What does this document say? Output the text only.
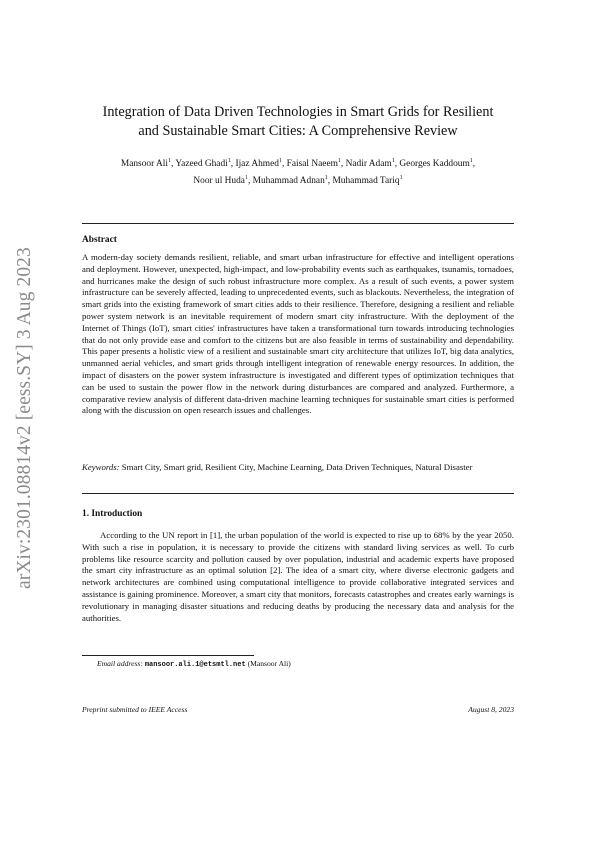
arXiv:2301.08814v2 [eess.SY] 3 Aug 2023
Integration of Data Driven Technologies in Smart Grids for Resilient
and Sustainable Smart Cities: A Comprehensive Review
Mansoor Ali$^1$, Yazeed Ghadi$^1$, Ijaz Ahmed$^1$, Faisal Naeem$^1$, Nadir Adam$^1$, Georges Kaddoum$^1$,
Noor ul Huda$^1$, Muhammad Adnan$^1$, Muhammad Tariq$^1$
Abstract
A modern-day society demands resilient, reliable, and smart urban infrastructure for effective and intelligent operations and deployment. However, unexpected, high-impact, and low-probability events such as earthquakes, tsunamis, tornadoes, and hurricanes make the design of such robust infrastructure more complex. As a result of such events, a power system infrastructure can be severely affected, leading to unprecedented events, such as blackouts. Nevertheless, the integration of smart grids into the existing framework of smart cities adds to their resilience. Therefore, designing a resilient and reliable power system network is an inevitable requirement of modern smart city infrastructure. With the deployment of the Internet of Things (IoT), smart cities' infrastructures have taken a transformational turn towards introducing technologies that do not only provide ease and comfort to the citizens but are also feasible in terms of sustainability and dependability. This paper presents a holistic view of a resilient and sustainable smart city architecture that utilizes IoT, big data analytics, unmanned aerial vehicles, and smart grids through intelligent integration of renewable energy resources. In addition, the impact of disasters on the power system infrastructure is investigated and different types of optimization techniques that can be used to sustain the power flow in the network during disturbances are compared and analyzed. Furthermore, a comparative review analysis of different data-driven machine learning techniques for sustainable smart cities is performed along with the discussion on open research issues and challenges.
Keywords: Smart City, Smart grid, Resilient City, Machine Learning, Data Driven Techniques, Natural Disaster
1. Introduction
According to the UN report in [1], the urban population of the world is expected to rise up to 68% by the year 2050. With such a rise in population, it is necessary to provide the citizens with standard living services as well. To curb problems like resource scarcity and pollution caused by over population, industrial and academic experts have proposed the smart city infrastructure as an optimal solution [2]. The idea of a smart city, where diverse electronic gadgets and network architectures are combined using computational intelligence to provide collaborative integrated services and assistance is gaining prominence. Moreover, a smart city that monitors, forecasts catastrophes and creates early warnings is revolutionary in managing disaster situations and reducing deaths by producing the necessary data and analysis for the authorities.
Email address: mansoor.ali.1@etsmtl.net (Mansoor Ali)
Preprint submitted to IEEE Access	August 8, 2023
